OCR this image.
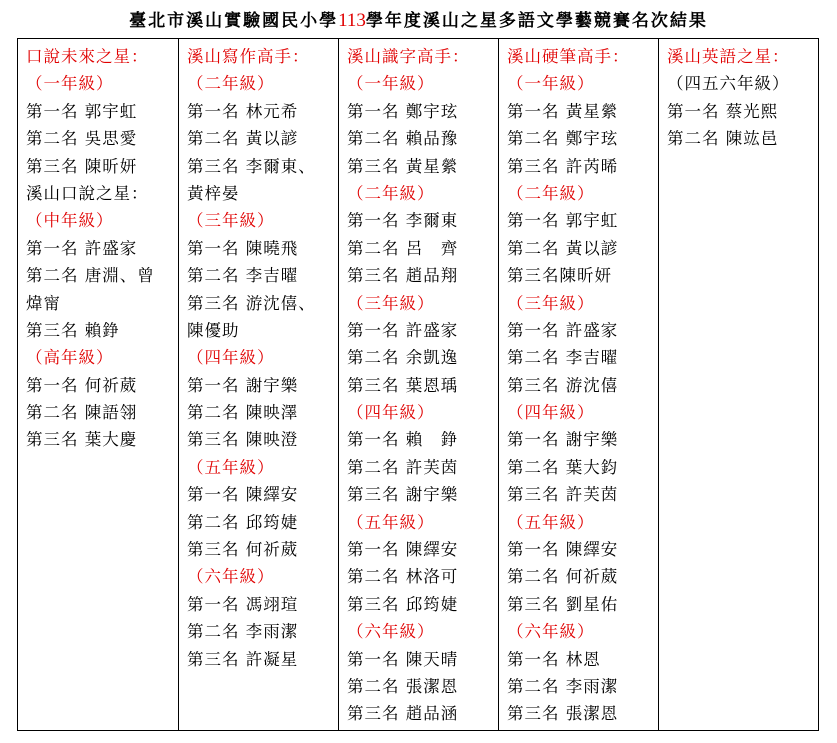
臺北市溪山實驗國民小學113學年度溪山之星多語文學藝競賽名次結果
口說未來之星：
（一年級）
第一名 郭宇虹
第二名 吳思愛
第三名 陳昕妍
溪山口說之星：
（中年級）
第一名 許盛家
第二名 唐淵、曾
煒甯
第三名 賴錚
（高年級）
第一名 何祈葳
第二名 陳語翎
第三名 葉大慶

溪山寫作高手：
（二年級）
第一名 林元希
第二名 黃以諺
第三名 李爾東、
黃梓晏
（三年級）
第一名 陳曉飛
第二名 李吉曜
第三名 游沈僖、
陳優助
（四年級）
第一名 謝宇樂
第二名 陳映澤
第三名 陳映澄
（五年級）
第一名 陳繹安
第二名 邱筠婕
第三名 何祈葳
（六年級）
第一名 馮翊瑄
第二名 李雨潔
第三名 許凝星

溪山識字高手：
（一年級）
第一名 鄭宇玹
第二名 賴品豫
第三名 黃星縈
（二年級）
第一名 李爾東
第二名 呂　齊
第三名 趙品翔
（三年級）
第一名 許盛家
第二名 余凱逸
第三名 葉恩瑀
（四年級）
第一名 賴　錚
第二名 許芙茵
第三名 謝宇樂
（五年級）
第一名 陳繹安
第二名 林洛可
第三名 邱筠婕
（六年級）
第一名 陳天晴
第二名 張潔恩
第三名 趙品涵

溪山硬筆高手：
（一年級）
第一名 黃星縈
第二名 鄭宇玹
第三名 許芮晞
（二年級）
第一名 郭宇虹
第二名 黃以諺
第三名陳昕妍
（三年級）
第一名 許盛家
第二名 李吉曜
第三名 游沈僖
（四年級）
第一名 謝宇樂
第二名 葉大鈞
第三名 許芙茵
（五年級）
第一名 陳繹安
第二名 何祈葳
第三名 劉星佑
（六年級）
第一名 林恩
第二名 李雨潔
第三名 張潔恩

溪山英語之星：
（四五六年級）
第一名 蔡光熙
第二名 陳竑邑
